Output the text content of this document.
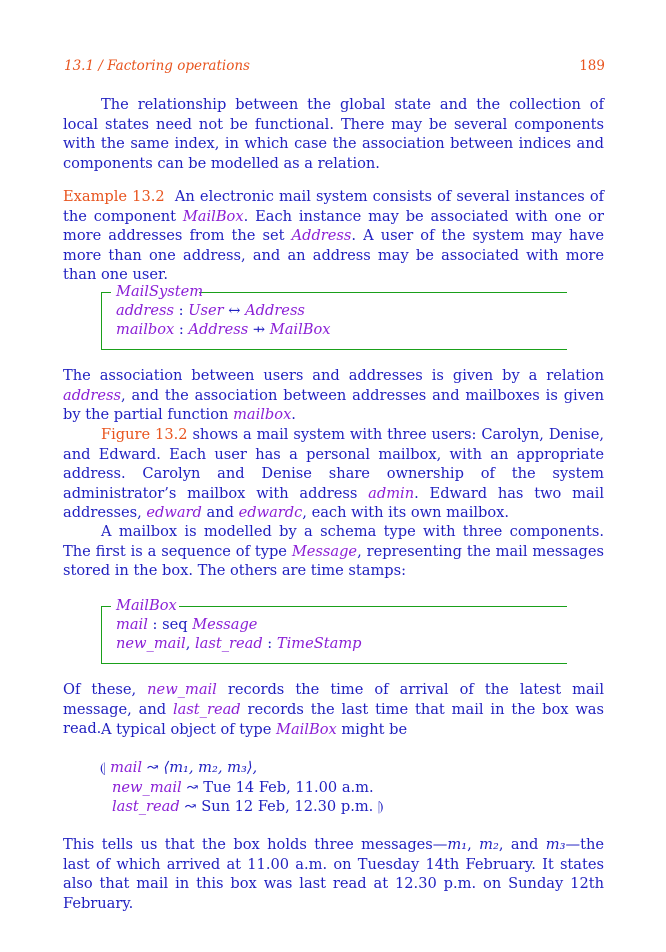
13.1 / Factoring operations	189
The relationship between the global state and the collection of local states need not be functional. There may be several components with the same index, in which case the association between indices and components can be modelled as a relation.
Example 13.2 An electronic mail system consists of several instances of the component MailBox. Each instance may be associated with one or more addresses from the set Address. A user of the system may have more than one address, and an address may be associated with more than one user.
MailSystem
address : User ↔ Address
mailbox : Address ⇸ MailBox
The association between users and addresses is given by a relation address, and the association between addresses and mailboxes is given by the partial function mailbox.
Figure 13.2 shows a mail system with three users: Carolyn, Denise, and Edward. Each user has a personal mailbox, with an appropriate address. Carolyn and Denise share ownership of the system administrator’s mailbox with address admin. Edward has two mail addresses, edward and edwardc, each with its own mailbox.
A mailbox is modelled by a schema type with three components. The first is a sequence of type Message, representing the mail messages stored in the box. The others are time stamps:
MailBox
mail : seq Message
new_mail, last_read : TimeStamp
Of these, new_mail records the time of arrival of the latest mail message, and last_read records the last time that mail in the box was read. A typical object of type MailBox might be
⦇ mail ↝ ⟨m₁, m₂, m₃⟩,
new_mail ↝ Tue 14 Feb, 11.00 a.m.
last_read ↝ Sun 12 Feb, 12.30 p.m. ⦈
This tells us that the box holds three messages—m₁, m₂, and m₃—the last of which arrived at 11.00 a.m. on Tuesday 14th February. It states also that mail in this box was last read at 12.30 p.m. on Sunday 12th February.
